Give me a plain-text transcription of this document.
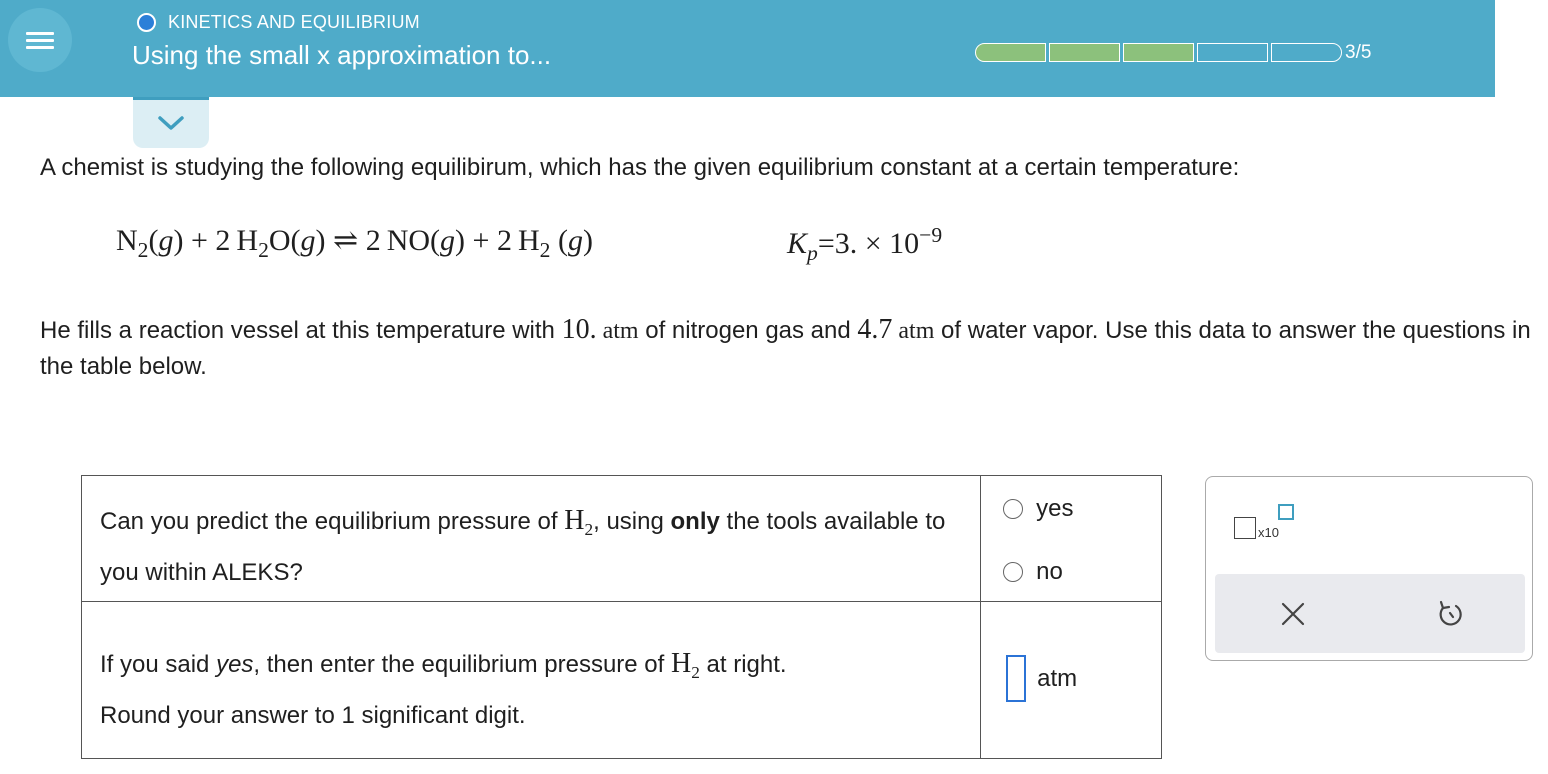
KINETICS AND EQUILIBRIUM
Using the small x approximation to...	3/5
A chemist is studying the following equilibirum, which has the given equilibrium constant at a certain temperature:
$N_2(g) + 2$  $H_2O(g)$ ⇌ 2  NO(g) + 2  $H_2$ (g)	$K_p=3$. × $10^{-9}$
He fills a reaction vessel at this temperature with 10. atm of nitrogen gas and 4.7 atm of water vapor. Use this data to answer the questions in the table below.
Can you predict the equilibrium pressure of $H_2$, using only the tools available to you within ALEKS?	yes
no

If you said yes, then enter the equilibrium pressure of $H_2$ at right.
Round your answer to 1 significant digit.	atm
x10
